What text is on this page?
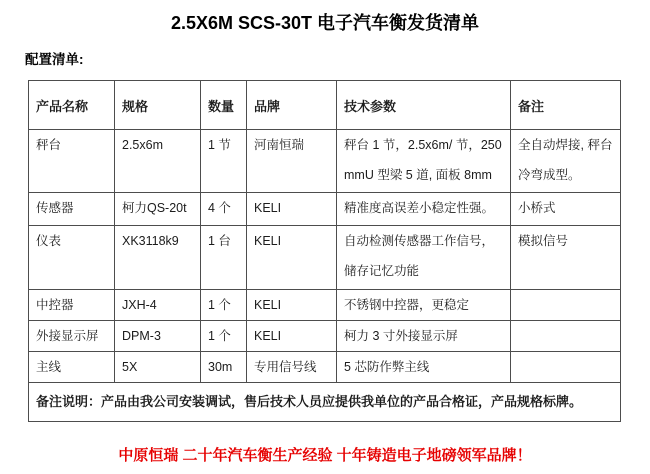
2.5X6M SCS-30T 电子汽车衡发货清单
配置清单:
产品名称	规格	数量	品牌	技术参数	备注
秤台	2.5x6m	1 节	河南恒瑞	秤台 1 节，2.5x6m/ 节，250mmU 型梁 5 道, 面板 8mm	全自动焊接, 秤台冷弯成型。
传感器	柯力QS-20t	4 个	KELI	精准度高误差小稳定性强。	小桥式
仪表	XK3118k9	1 台	KELI	自动检测传感器工作信号，储存记忆功能	模拟信号
中控器	JXH-4	1 个	KELI	不锈钢中控器，更稳定	
外接显示屏	DPM-3	1 个	KELI	柯力 3 寸外接显示屏	
主线	5X	30m	专用信号线	5 芯防作弊主线	
备注说明：产品由我公司安装调试，售后技术人员应提供我单位的产品合格证，产品规格标牌。					
中原恒瑞 二十年汽车衡生产经验 十年铸造电子地磅领军品牌！
